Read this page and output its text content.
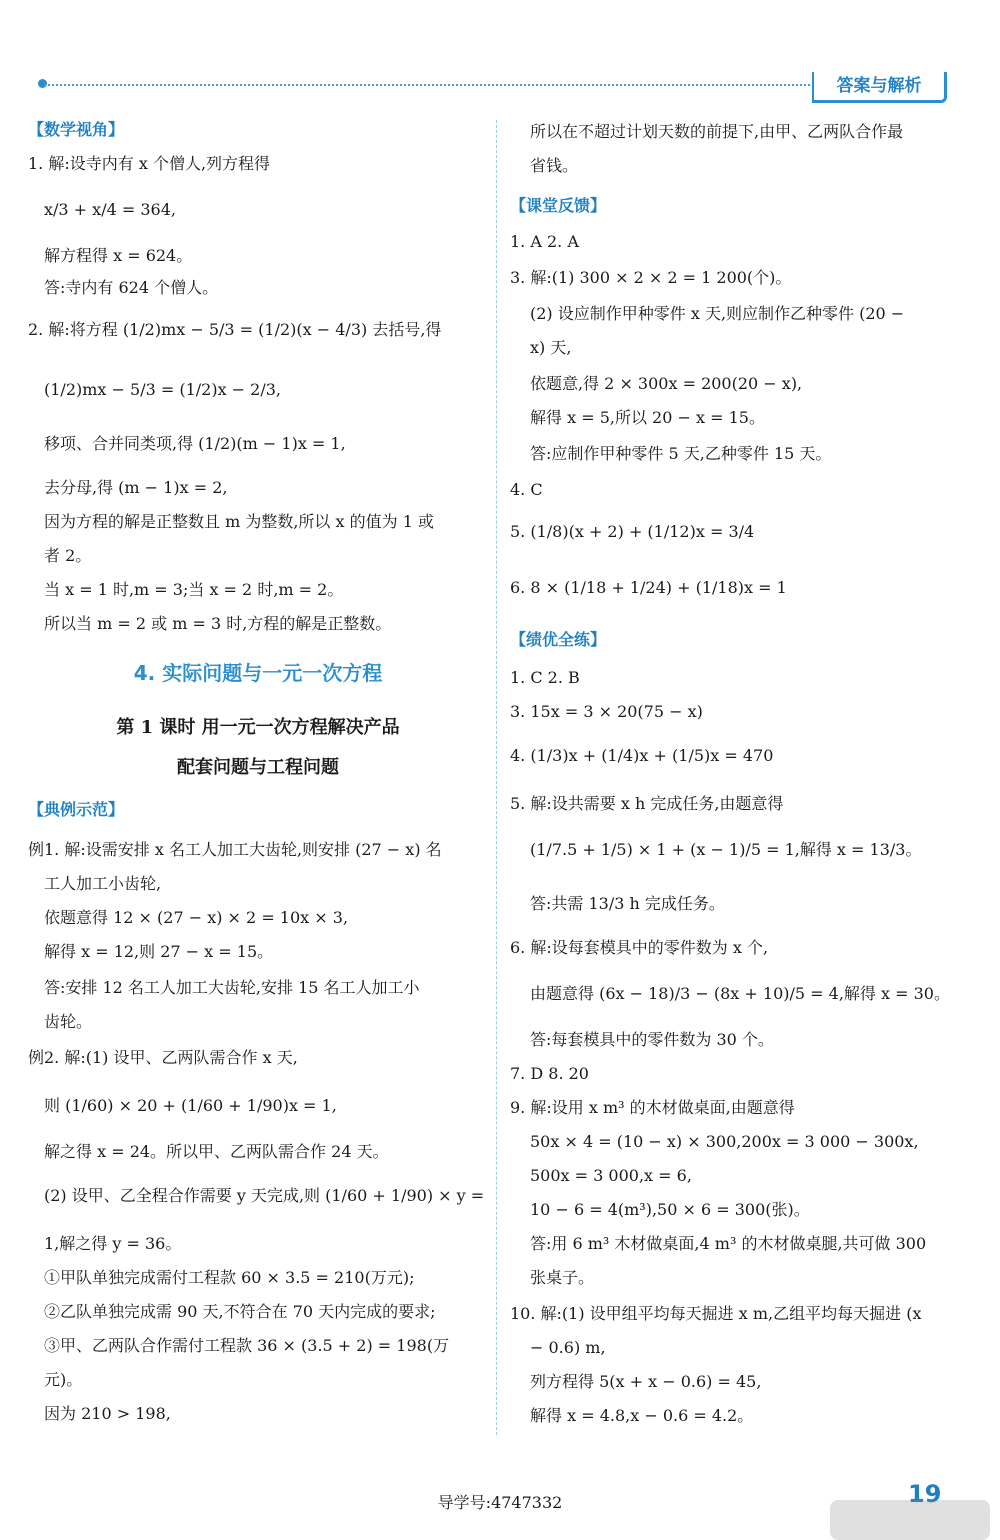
答案与解析
【数学视角】
1. 解:设寺内有 x 个僧人,列方程得
x/3 + x/4 = 364,
解方程得 x = 624。
答:寺内有 624 个僧人。
2. 解:将方程 (1/2)mx − 5/3 = (1/2)(x − 4/3) 去括号,得
(1/2)mx − 5/3 = (1/2)x − 2/3,
移项、合并同类项,得 (1/2)(m − 1)x = 1,
去分母,得 (m − 1)x = 2,
因为方程的解是正整数且 m 为整数,所以 x 的值为 1 或
者 2。
当 x = 1 时,m = 3;当 x = 2 时,m = 2。
所以当 m = 2 或 m = 3 时,方程的解是正整数。
4. 实际问题与一元一次方程
第 1 课时 用一元一次方程解决产品
配套问题与工程问题
【典例示范】
例1. 解:设需安排 x 名工人加工大齿轮,则安排 (27 − x) 名
工人加工小齿轮,
依题意得 12 × (27 − x) × 2 = 10x × 3,
解得 x = 12,则 27 − x = 15。
答:安排 12 名工人加工大齿轮,安排 15 名工人加工小
齿轮。
例2. 解:(1) 设甲、乙两队需合作 x 天,
则 (1/60) × 20 + (1/60 + 1/90)x = 1,
解之得 x = 24。所以甲、乙两队需合作 24 天。
(2) 设甲、乙全程合作需要 y 天完成,则 (1/60 + 1/90) × y =
1,解之得 y = 36。
①甲队单独完成需付工程款 60 × 3.5 = 210(万元);
②乙队单独完成需 90 天,不符合在 70 天内完成的要求;
③甲、乙两队合作需付工程款 36 × (3.5 + 2) = 198(万
元)。
因为 210 > 198,
所以在不超过计划天数的前提下,由甲、乙两队合作最
省钱。
【课堂反馈】
1. A 2. A
3. 解:(1) 300 × 2 × 2 = 1 200(个)。
(2) 设应制作甲种零件 x 天,则应制作乙种零件 (20 −
x) 天,
依题意,得 2 × 300x = 200(20 − x),
解得 x = 5,所以 20 − x = 15。
答:应制作甲种零件 5 天,乙种零件 15 天。
4. C
5. (1/8)(x + 2) + (1/12)x = 3/4
6. 8 × (1/18 + 1/24) + (1/18)x = 1
【绩优全练】
1. C 2. B
3. 15x = 3 × 20(75 − x)
4. (1/3)x + (1/4)x + (1/5)x = 470
5. 解:设共需要 x h 完成任务,由题意得
(1/7.5 + 1/5) × 1 + (x − 1)/5 = 1,解得 x = 13/3。
答:共需 13/3 h 完成任务。
6. 解:设每套模具中的零件数为 x 个,
由题意得 (6x − 18)/3 − (8x + 10)/5 = 4,解得 x = 30。
答:每套模具中的零件数为 30 个。
7. D 8. 20
9. 解:设用 x m³ 的木材做桌面,由题意得
50x × 4 = (10 − x) × 300,200x = 3 000 − 300x,
500x = 3 000,x = 6,
10 − 6 = 4(m³),50 × 6 = 300(张)。
答:用 6 m³ 木材做桌面,4 m³ 的木材做桌腿,共可做 300
张桌子。
10. 解:(1) 设甲组平均每天掘进 x m,乙组平均每天掘进 (x
− 0.6) m,
列方程得 5(x + x − 0.6) = 45,
解得 x = 4.8,x − 0.6 = 4.2。
导学号:4747332	19
